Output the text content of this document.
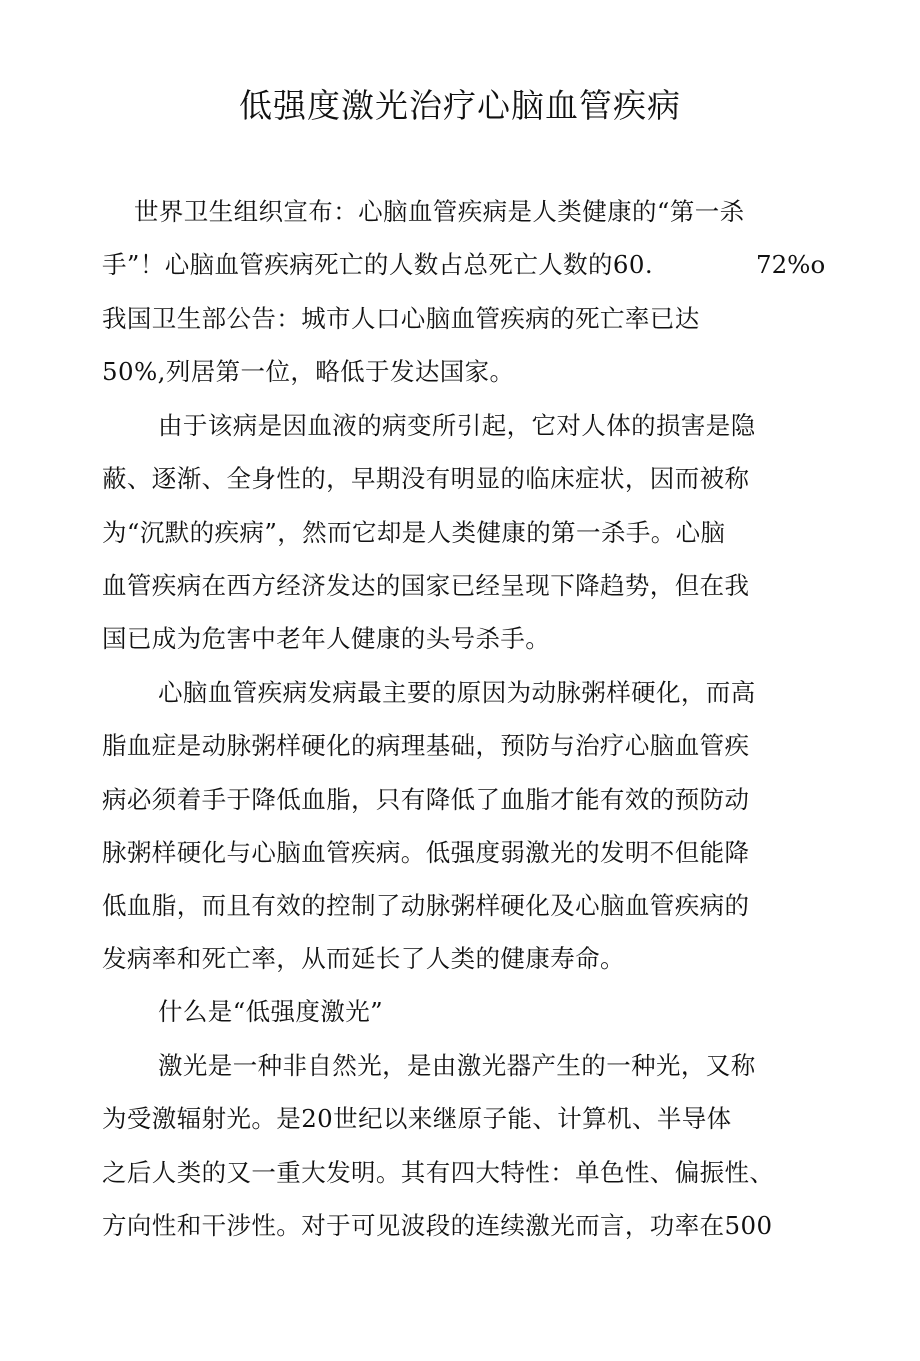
低强度激光治疗心脑血管疾病
世界卫生组织宣布：心脑血管疾病是人类健康的“第一杀
手”！心脑血管疾病死亡的人数占总死亡人数的60.	72%o
我国卫生部公告：城市人口心脑血管疾病的死亡率已达
50%,列居第一位，略低于发达国家。
由于该病是因血液的病变所引起，它对人体的损害是隐
蔽、逐渐、全身性的，早期没有明显的临床症状，因而被称
为“沉默的疾病”，然而它却是人类健康的第一杀手。心脑
血管疾病在西方经济发达的国家已经呈现下降趋势，但在我
国已成为危害中老年人健康的头号杀手。
心脑血管疾病发病最主要的原因为动脉粥样硬化，而高
脂血症是动脉粥样硬化的病理基础，预防与治疗心脑血管疾
病必须着手于降低血脂，只有降低了血脂才能有效的预防动
脉粥样硬化与心脑血管疾病。低强度弱激光的发明不但能降
低血脂，而且有效的控制了动脉粥样硬化及心脑血管疾病的
发病率和死亡率，从而延长了人类的健康寿命。
什么是“低强度激光”
激光是一种非自然光，是由激光器产生的一种光，又称
为受激辐射光。是20世纪以来继原子能、计算机、半导体
之后人类的又一重大发明。其有四大特性：单色性、偏振性、
方向性和干涉性。对于可见波段的连续激光而言，功率在500
